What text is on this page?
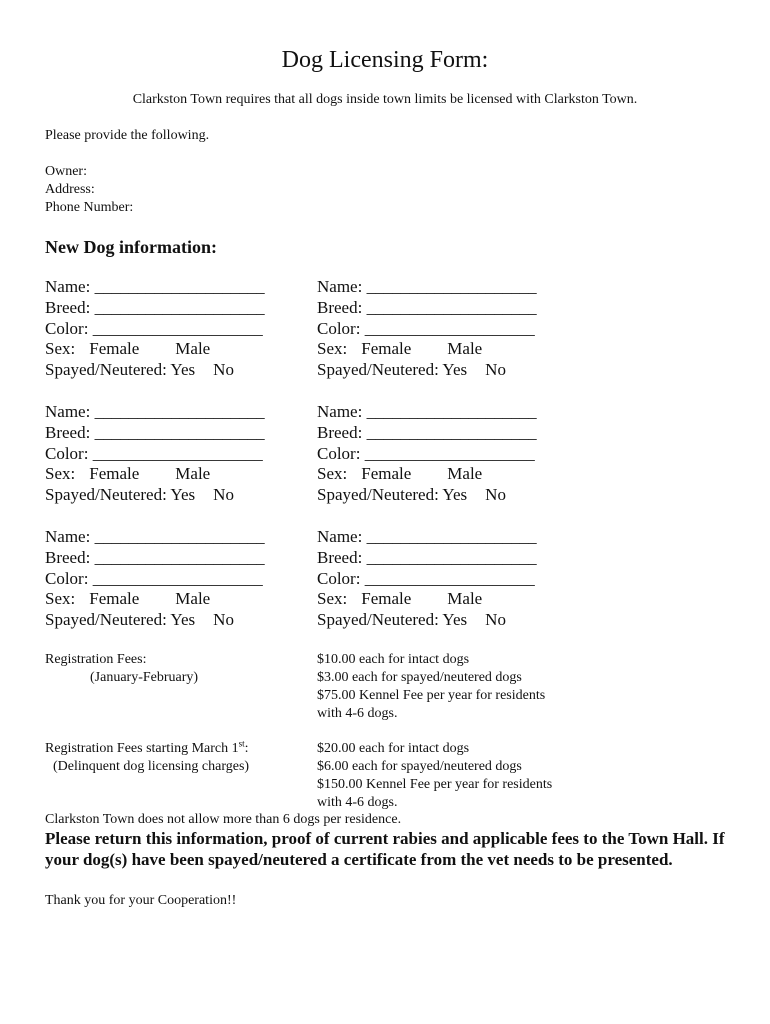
Dog Licensing Form:
Clarkston Town requires that all dogs inside town limits be licensed with Clarkston Town.
Please provide the following.
Owner:
Address:
Phone Number:
New Dog information:
Name: ____________________
Breed: ____________________
Color: ____________________
Sex: Female Male
Spayed/Neutered: Yes No
Name: ____________________
Breed: ____________________
Color: ____________________
Sex: Female Male
Spayed/Neutered: Yes No
Name: ____________________
Breed: ____________________
Color: ____________________
Sex: Female Male
Spayed/Neutered: Yes No
Name: ____________________
Breed: ____________________
Color: ____________________
Sex: Female Male
Spayed/Neutered: Yes No
Name: ____________________
Breed: ____________________
Color: ____________________
Sex: Female Male
Spayed/Neutered: Yes No
Name: ____________________
Breed: ____________________
Color: ____________________
Sex: Female Male
Spayed/Neutered: Yes No
Registration Fees:
(January-February)
$10.00 each for intact dogs
$3.00 each for spayed/neutered dogs
$75.00 Kennel Fee per year for residents
with 4-6 dogs.
Registration Fees starting March 1st:
(Delinquent dog licensing charges)
$20.00 each for intact dogs
$6.00 each for spayed/neutered dogs
$150.00 Kennel Fee per year for residents
with 4-6 dogs.
Clarkston Town does not allow more than 6 dogs per residence.
Please return this information, proof of current rabies and applicable fees to the Town Hall. If your dog(s) have been spayed/neutered a certificate from the vet needs to be presented.
Thank you for your Cooperation!!
